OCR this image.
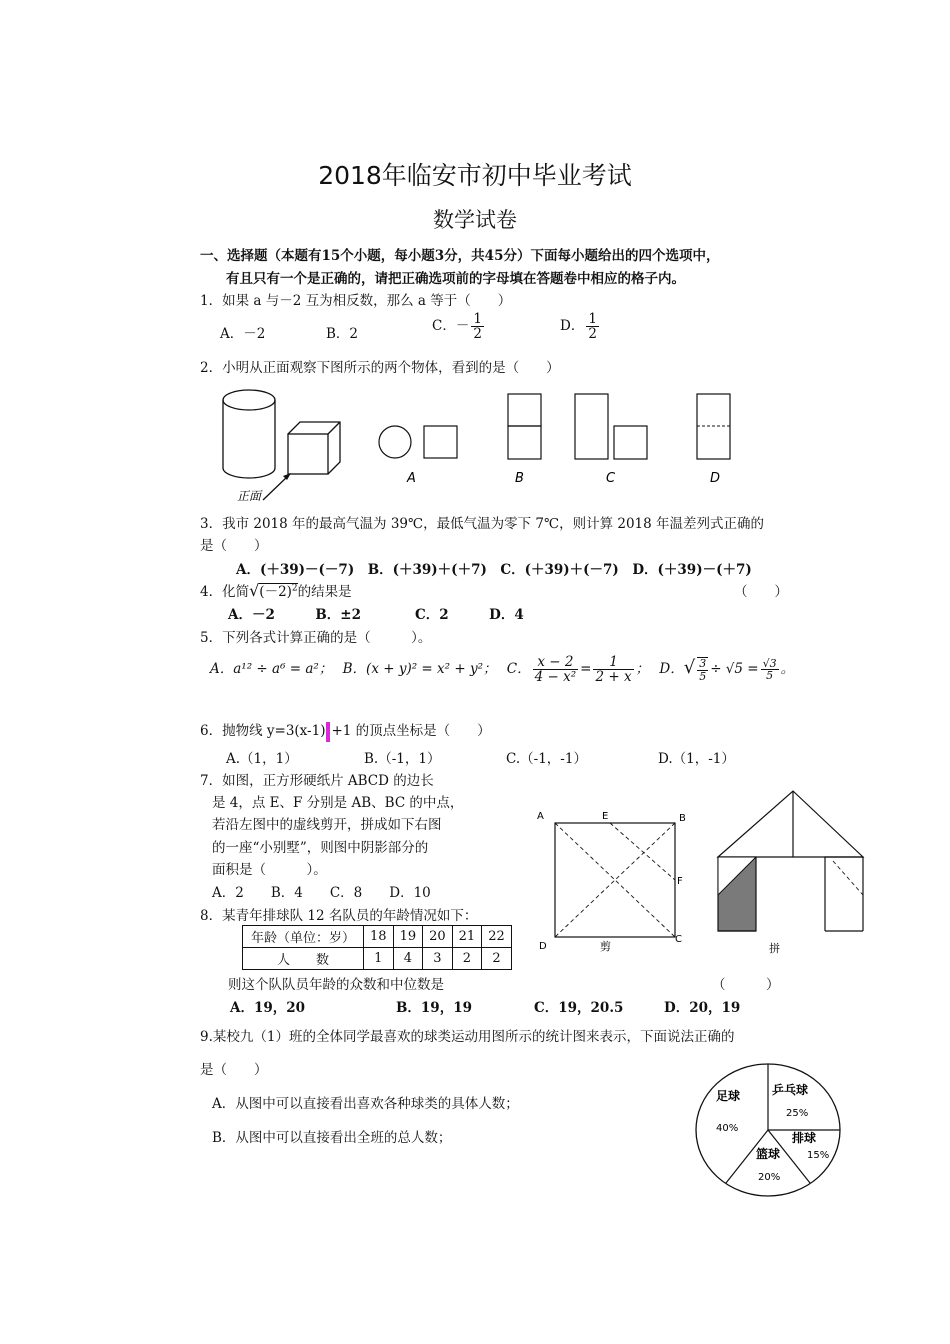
2018年临安市初中毕业考试
数学试卷
一、选择题（本题有15个小题，每小题3分，共45分）下面每小题给出的四个选项中，
有且只有一个是正确的，请把正确选项前的字母填在答题卷中相应的格子内。
1．如果 a 与－2 互为相反数，那么 a 等于（　　）
A．－2	B．2	C．－ $\frac{1}{2}$	D． $\frac{1}{2}$
2．小明从正面观察下图所示的两个物体，看到的是（　　）
正面
A	B	C	D
3．我市 2018 年的最高气温为 39℃，最低气温为零下 7℃，则计算 2018 年温差列式正确的
是（　　）
A．(＋39)－(－7)　B．(＋39)＋(＋7)　C．(＋39)＋(－7)　D．(＋39)－(＋7)
4．化简$√(-2)^2$的结果是	（　　）
A．－2　　　B．±2　　　　C．2　　　D．4
5．下列各式计算正确的是（　　　）。
A．a¹² ÷ a⁶ = a²； B．(x + y)² = x² + y²； C． $\frac{x - 2}{\text{4 − x²}} = \frac{1}{2 + x}$ ； D．√ $\frac{3}{5} \div √5 = \frac{√3}{5}$ 。
6．抛物线 y=3(x-1) +1 的顶点坐标是（　　）
A.（1，1）	B.（-1，1）	C.（-1，-1）	D.（1，-1）
7．如图，正方形硬纸片 ABCD 的边长
是 4，点 E、F 分别是 AB、BC 的中点，
若沿左图中的虚线剪开，拼成如下右图
的一座“小别墅”，则图中阴影部分的
面积是（　　　）。
A．2　　B．4　　C．8　　D．10
A	E	B
F
C
D	剪	拼
8．某青年排球队 12 名队员的年龄情况如下：
年龄（单位：岁）	18	19	20	21	22
人　　数	1	4	3	2	2
则这个队队员年龄的众数和中位数是	（　　　）
A．19，20	B．19，19	C．19，20.5	D．20，19
9.某校九（1）班的全体同学最喜欢的球类运动用图所示的统计图来表示，下面说法正确的
是（　　）
A．从图中可以直接看出喜欢各种球类的具体人数；
B．从图中可以直接看出全班的总人数；
足球
40%
乒乓球
25%
排球
15%
篮球
20%
